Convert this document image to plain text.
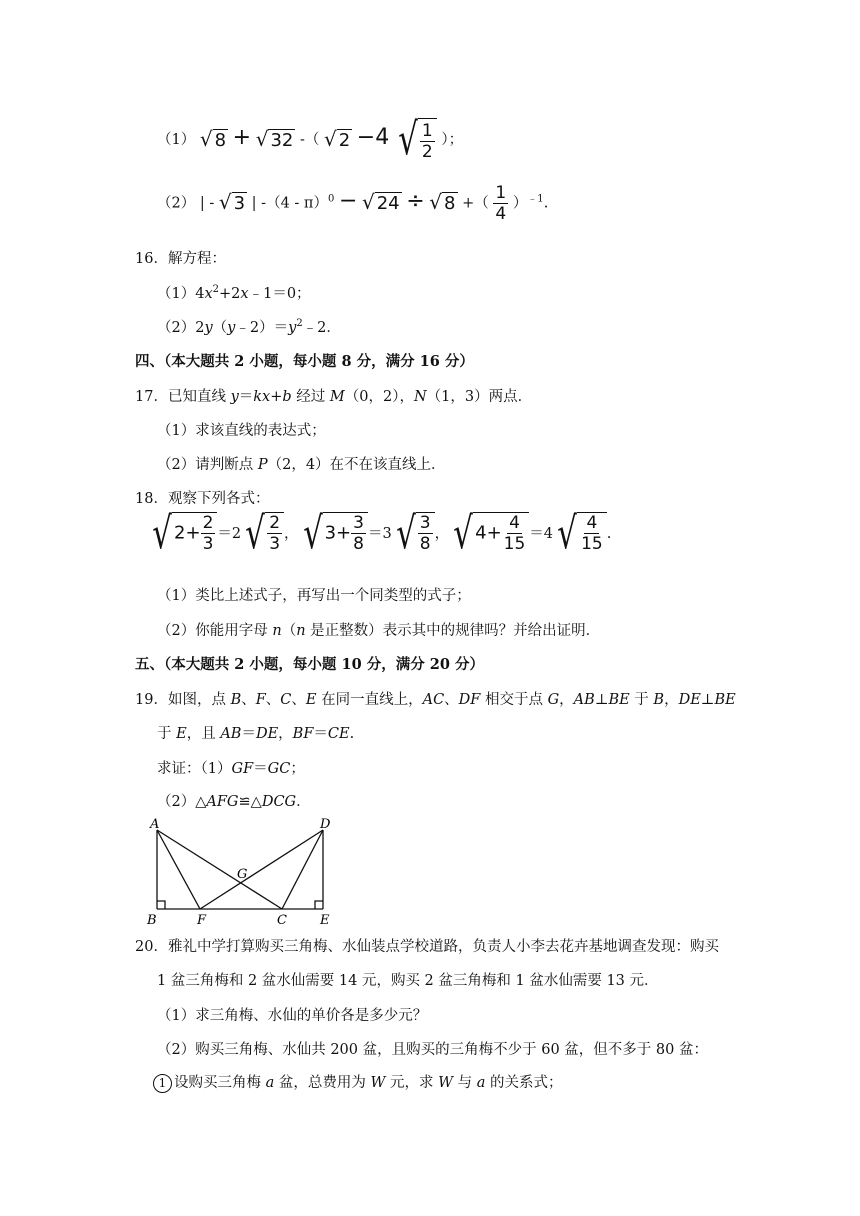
（1） √ 8 + √ 32 -（ √ 2 −4 √ $\frac{1}{2}$ ）；
（2） | - √ 3 | -（4 - π）$^0$ − √ 24 ÷ √ 8 +（ $\frac{1}{4} )^{﹣1}$.
16．解方程：
$(1)4x^2+2x﹣1=0$；
$(2)2y(y﹣2)=y^2﹣2$．
四、（本大题共 2 小题，每小题 8 分，满分 16 分）
17．已知直线 y＝kx+b 经过 M（0，2），N（1，3）两点．
（1）求该直线的表达式；
（2）请判断点 P（2，4）在不在该直线上．
18．观察下列各式：
√ $2+ \frac{2}{3} =2$ √ $\frac{2}{3}$ ， √ $3+ \frac{3}{8} =3$ √ $\frac{3}{8}$ ， √ $4+ \frac{4}{15} =4$ √ $\frac{4}{15}$ .
（1）类比上述式子，再写出一个同类型的式子；
（2）你能用字母 n（n 是正整数）表示其中的规律吗？并给出证明．
五、（本大题共 2 小题，每小题 10 分，满分 20 分）
19．如图，点 B、F、C、E 在同一直线上，AC、DF 相交于点 G，AB⊥BE 于 B，DE⊥BE
于 E，且 AB＝DE，BF＝CE.
求证：（1）GF＝GC；
（2）△AFG≌△DCG．
A	D
G
B	F	C	E
20．雅礼中学打算购买三角梅、水仙装点学校道路，负责人小李去花卉基地调查发现：购买
1 盆三角梅和 2 盆水仙需要 14 元，购买 2 盆三角梅和 1 盆水仙需要 13 元．
（1）求三角梅、水仙的单价各是多少元？
（2）购买三角梅、水仙共 200 盆，且购买的三角梅不少于 60 盆，但不多于 80 盆：
1 设购买三角梅 a 盆，总费用为 W 元，求 W 与 a 的关系式；
